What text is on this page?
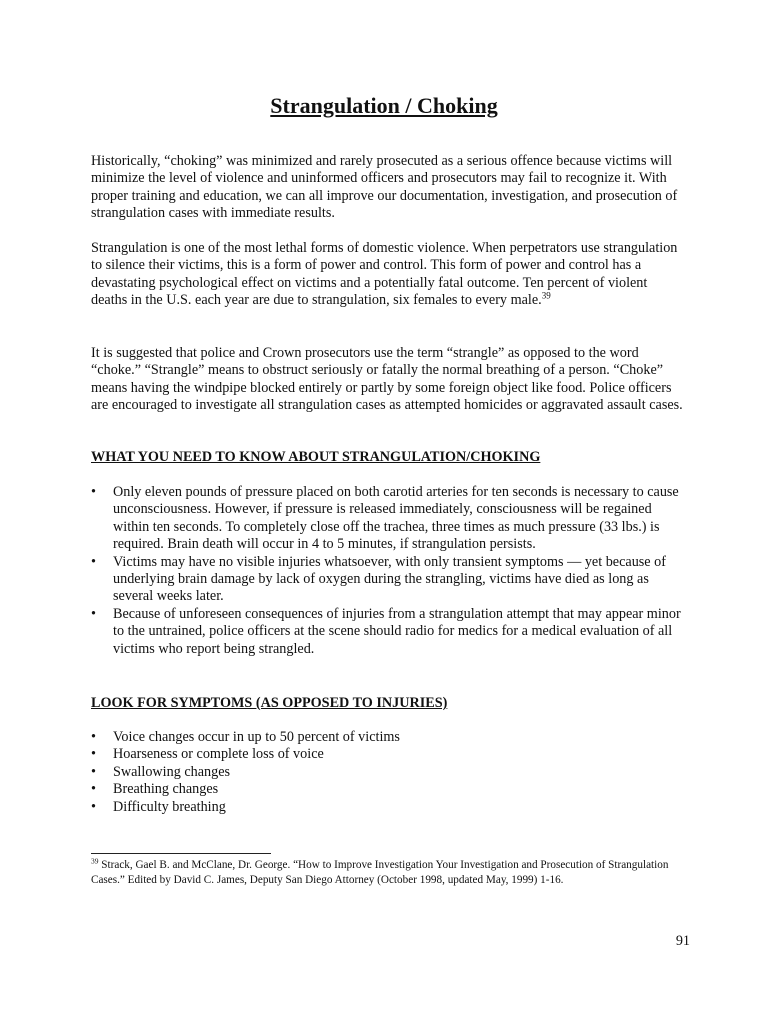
Strangulation / Choking

Historically, “choking” was minimized and rarely prosecuted as a serious offence because victims will minimize the level of violence and uninformed officers and prosecutors may fail to recognize it. With proper training and education, we can all improve our documentation, investigation, and prosecution of strangulation cases with immediate results.

Strangulation is one of the most lethal forms of domestic violence. When perpetrators use strangulation to silence their victims, this is a form of power and control. This form of power and control has a devastating psychological effect on victims and a potentially fatal outcome. Ten percent of violent deaths in the U.S. each year are due to strangulation, six females to every male.$^{39}$

It is suggested that police and Crown prosecutors use the term “strangle” as opposed to the word “choke.” “Strangle” means to obstruct seriously or fatally the normal breathing of a person. “Choke” means having the windpipe blocked entirely or partly by some foreign object like food. Police officers are encouraged to investigate all strangulation cases as attempted homicides or aggravated assault cases.

WHAT YOU NEED TO KNOW ABOUT STRANGULATION/CHOKING
•	Only eleven pounds of pressure placed on both carotid arteries for ten seconds is necessary to cause unconsciousness. However, if pressure is released immediately, consciousness will be regained within ten seconds. To completely close off the trachea, three times as much pressure (33 lbs.) is required. Brain death will occur in 4 to 5 minutes, if strangulation persists.
•	Victims may have no visible injuries whatsoever, with only transient symptoms — yet because of underlying brain damage by lack of oxygen during the strangling, victims have died as long as several weeks later.
•	Because of unforeseen consequences of injuries from a strangulation attempt that may appear minor to the untrained, police officers at the scene should radio for medics for a medical evaluation of all victims who report being strangled.
LOOK FOR SYMPTOMS (AS OPPOSED TO INJURIES)
•	Voice changes occur in up to 50 percent of victims
•	Hoarseness or complete loss of voice
•	Swallowing changes
•	Breathing changes
•	Difficulty breathing

$^{39}$ Strack, Gael B. and McClane, Dr. George. “How to Improve Investigation Your Investigation and Prosecution of Strangulation Cases.” Edited by David C. James, Deputy San Diego Attorney (October 1998, updated May, 1999) 1-16.

91
